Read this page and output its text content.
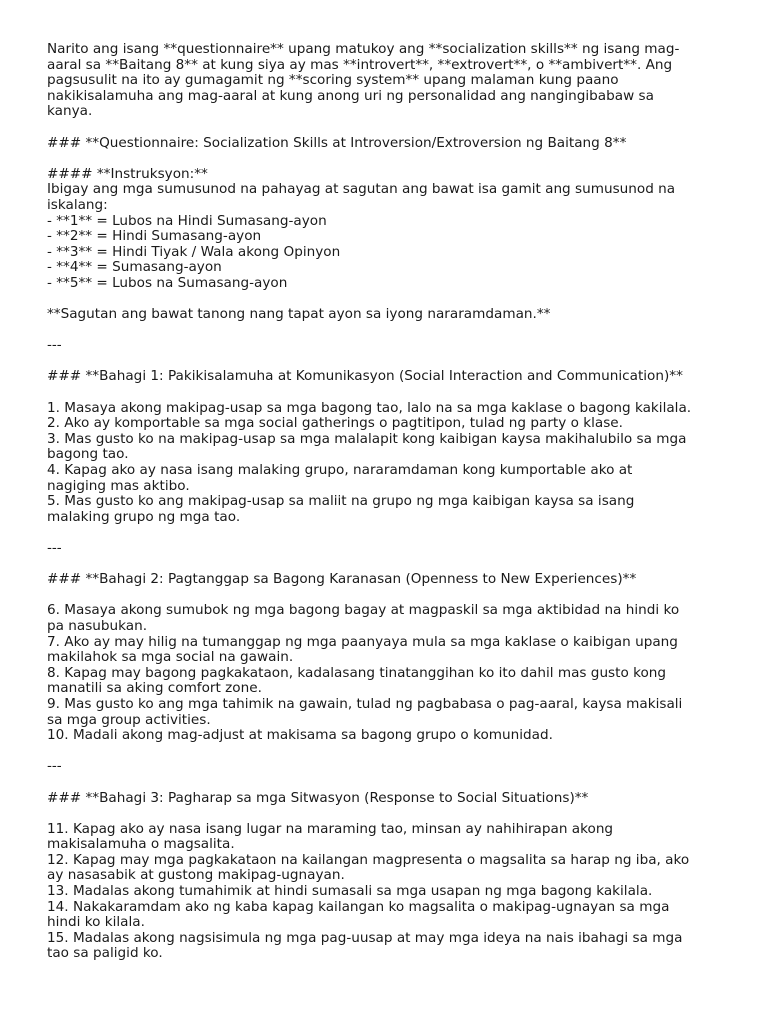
Narito ang isang **questionnaire** upang matukoy ang **socialization skills** ng isang mag-
aaral sa **Baitang 8** at kung siya ay mas **introvert**, **extrovert**, o **ambivert**. Ang
pagsusulit na ito ay gumagamit ng **scoring system** upang malaman kung paano
nakikisalamuha ang mag-aaral at kung anong uri ng personalidad ang nangingibabaw sa
kanya.
### **Questionnaire: Socialization Skills at Introversion/Extroversion ng Baitang 8**
#### **Instruksyon:**
Ibigay ang mga sumusunod na pahayag at sagutan ang bawat isa gamit ang sumusunod na
iskalang:
- **1** = Lubos na Hindi Sumasang-ayon
- **2** = Hindi Sumasang-ayon
- **3** = Hindi Tiyak / Wala akong Opinyon
- **4** = Sumasang-ayon
- **5** = Lubos na Sumasang-ayon
**Sagutan ang bawat tanong nang tapat ayon sa iyong nararamdaman.**
---
### **Bahagi 1: Pakikisalamuha at Komunikasyon (Social Interaction and Communication)**
1. Masaya akong makipag-usap sa mga bagong tao, lalo na sa mga kaklase o bagong kakilala.
2. Ako ay komportable sa mga social gatherings o pagtitipon, tulad ng party o klase.
3. Mas gusto ko na makipag-usap sa mga malalapit kong kaibigan kaysa makihalubilo sa mga
bagong tao.
4. Kapag ako ay nasa isang malaking grupo, nararamdaman kong kumportable ako at
nagiging mas aktibo.
5. Mas gusto ko ang makipag-usap sa maliit na grupo ng mga kaibigan kaysa sa isang
malaking grupo ng mga tao.
---
### **Bahagi 2: Pagtanggap sa Bagong Karanasan (Openness to New Experiences)**
6. Masaya akong sumubok ng mga bagong bagay at magpaskil sa mga aktibidad na hindi ko
pa nasubukan.
7. Ako ay may hilig na tumanggap ng mga paanyaya mula sa mga kaklase o kaibigan upang
makilahok sa mga social na gawain.
8. Kapag may bagong pagkakataon, kadalasang tinatanggihan ko ito dahil mas gusto kong
manatili sa aking comfort zone.
9. Mas gusto ko ang mga tahimik na gawain, tulad ng pagbabasa o pag-aaral, kaysa makisali
sa mga group activities.
10. Madali akong mag-adjust at makisama sa bagong grupo o komunidad.
---
### **Bahagi 3: Pagharap sa mga Sitwasyon (Response to Social Situations)**
11. Kapag ako ay nasa isang lugar na maraming tao, minsan ay nahihirapan akong
makisalamuha o magsalita.
12. Kapag may mga pagkakataon na kailangan magpresenta o magsalita sa harap ng iba, ako
ay nasasabik at gustong makipag-ugnayan.
13. Madalas akong tumahimik at hindi sumasali sa mga usapan ng mga bagong kakilala.
14. Nakakaramdam ako ng kaba kapag kailangan ko magsalita o makipag-ugnayan sa mga
hindi ko kilala.
15. Madalas akong nagsisimula ng mga pag-uusap at may mga ideya na nais ibahagi sa mga
tao sa paligid ko.
